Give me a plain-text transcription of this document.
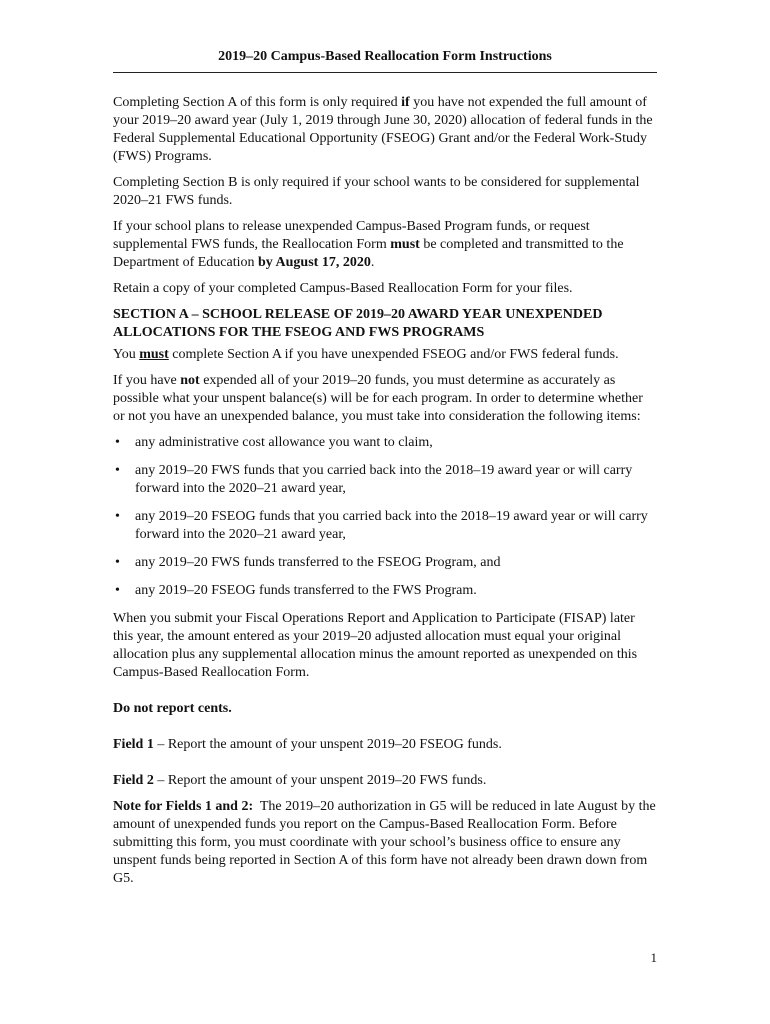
2019–20 Campus-Based Reallocation Form Instructions

Completing Section A of this form is only required if you have not expended the full amount of your 2019–20 award year (July 1, 2019 through June 30, 2020) allocation of federal funds in the Federal Supplemental Educational Opportunity (FSEOG) Grant and/or the Federal Work-Study (FWS) Programs.

Completing Section B is only required if your school wants to be considered for supplemental 2020–21 FWS funds.

If your school plans to release unexpended Campus-Based Program funds, or request supplemental FWS funds, the Reallocation Form must be completed and transmitted to the Department of Education by August 17, 2020.

Retain a copy of your completed Campus-Based Reallocation Form for your files.

SECTION A – SCHOOL RELEASE OF 2019–20 AWARD YEAR UNEXPENDED ALLOCATIONS FOR THE FSEOG AND FWS PROGRAMS

You must complete Section A if you have unexpended FSEOG and/or FWS federal funds.

If you have not expended all of your 2019–20 funds, you must determine as accurately as possible what your unspent balance(s) will be for each program. In order to determine whether or not you have an unexpended balance, you must take into consideration the following items:

• any administrative cost allowance you want to claim,
• any 2019–20 FWS funds that you carried back into the 2018–19 award year or will carry forward into the 2020–21 award year,
• any 2019–20 FSEOG funds that you carried back into the 2018–19 award year or will carry forward into the 2020–21 award year,
• any 2019–20 FWS funds transferred to the FSEOG Program, and
• any 2019–20 FSEOG funds transferred to the FWS Program.

When you submit your Fiscal Operations Report and Application to Participate (FISAP) later this year, the amount entered as your 2019–20 adjusted allocation must equal your original allocation plus any supplemental allocation minus the amount reported as unexpended on this Campus-Based Reallocation Form.

Do not report cents.

Field 1 – Report the amount of your unspent 2019–20 FSEOG funds.

Field 2 – Report the amount of your unspent 2019–20 FWS funds.

Note for Fields 1 and 2:  The 2019–20 authorization in G5 will be reduced in late August by the amount of unexpended funds you report on the Campus-Based Reallocation Form. Before submitting this form, you must coordinate with your school’s business office to ensure any unspent funds being reported in Section A of this form have not already been drawn down from G5.

1
